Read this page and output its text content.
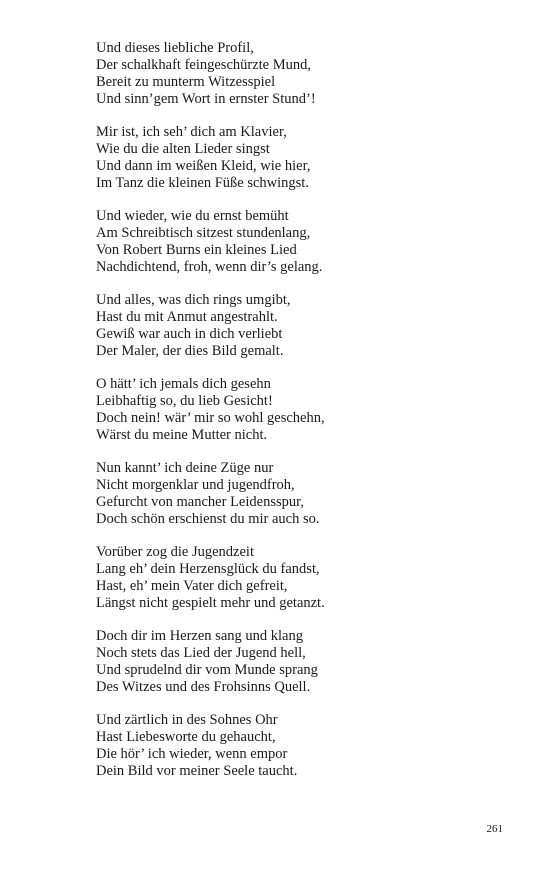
Und dieses liebliche Profil,
Der schalkhaft feingeschürzte Mund,
Bereit zu munterm Witzesspiel
Und sinn’gem Wort in ernster Stund’!
Mir ist, ich seh’ dich am Klavier,
Wie du die alten Lieder singst
Und dann im weißen Kleid, wie hier,
Im Tanz die kleinen Füße schwingst.
Und wieder, wie du ernst bemüht
Am Schreibtisch sitzest stundenlang,
Von Robert Burns ein kleines Lied
Nachdichtend, froh, wenn dir’s gelang.
Und alles, was dich rings umgibt,
Hast du mit Anmut angestrahlt.
Gewiß war auch in dich verliebt
Der Maler, der dies Bild gemalt.
O hätt’ ich jemals dich gesehn
Leibhaftig so, du lieb Gesicht!
Doch nein! wär’ mir so wohl geschehn,
Wärst du meine Mutter nicht.
Nun kannt’ ich deine Züge nur
Nicht morgenklar und jugendfroh,
Gefurcht von mancher Leidensspur,
Doch schön erschienst du mir auch so.
Vorüber zog die Jugendzeit
Lang eh’ dein Herzensglück du fandst,
Hast, eh’ mein Vater dich gefreit,
Längst nicht gespielt mehr und getanzt.
Doch dir im Herzen sang und klang
Noch stets das Lied der Jugend hell,
Und sprudelnd dir vom Munde sprang
Des Witzes und des Frohsinns Quell.
Und zärtlich in des Sohnes Ohr
Hast Liebesworte du gehaucht,
Die hör’ ich wieder, wenn empor
Dein Bild vor meiner Seele taucht.
261
